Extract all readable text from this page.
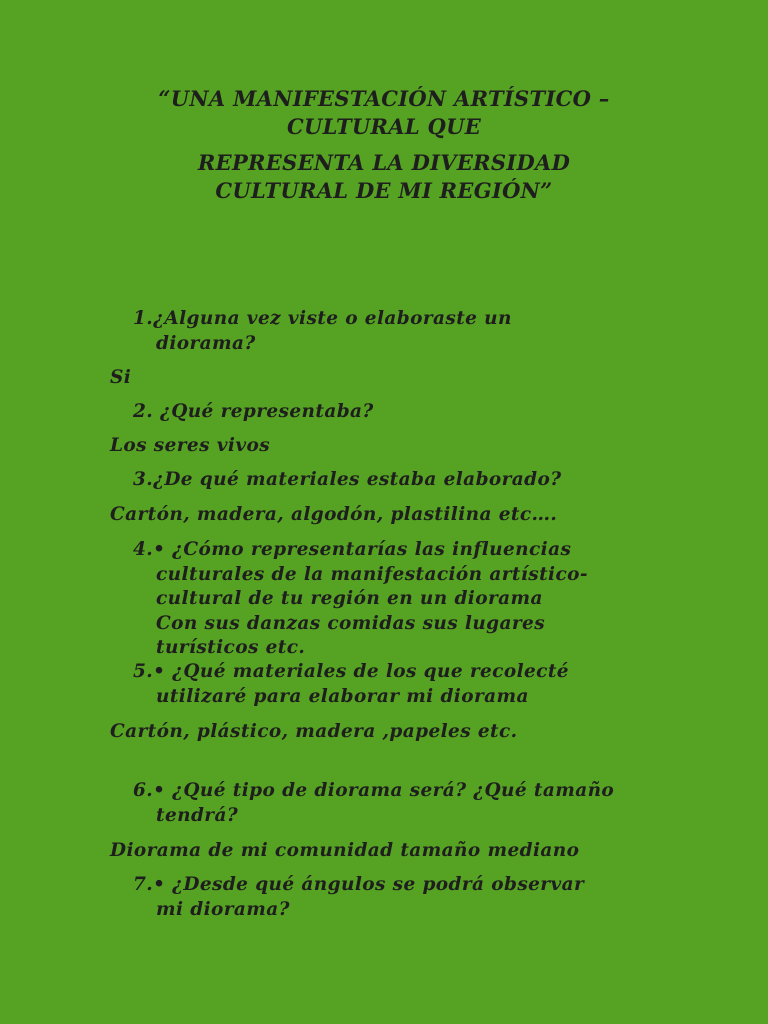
“UNA MANIFESTACIÓN ARTÍSTICO –
CULTURAL QUE
REPRESENTA LA DIVERSIDAD
CULTURAL DE MI REGIÓN”
1.¿Alguna vez viste o elaboraste un
diorama?
Si
2. ¿Qué representaba?
Los seres vivos
3.¿De qué materiales estaba elaborado?
Cartón, madera, algodón, plastilina etc….
4.• ¿Cómo representarías las influencias
culturales de la manifestación artístico-
cultural de tu región en un diorama
Con sus danzas comidas sus lugares
turísticos etc.
5.• ¿Qué materiales de los que recolecté
utilizaré para elaborar mi diorama
Cartón, plástico, madera ,papeles etc.
6.• ¿Qué tipo de diorama será? ¿Qué tamaño
tendrá?
Diorama de mi comunidad tamaño mediano
7.• ¿Desde qué ángulos se podrá observar
mi diorama?
